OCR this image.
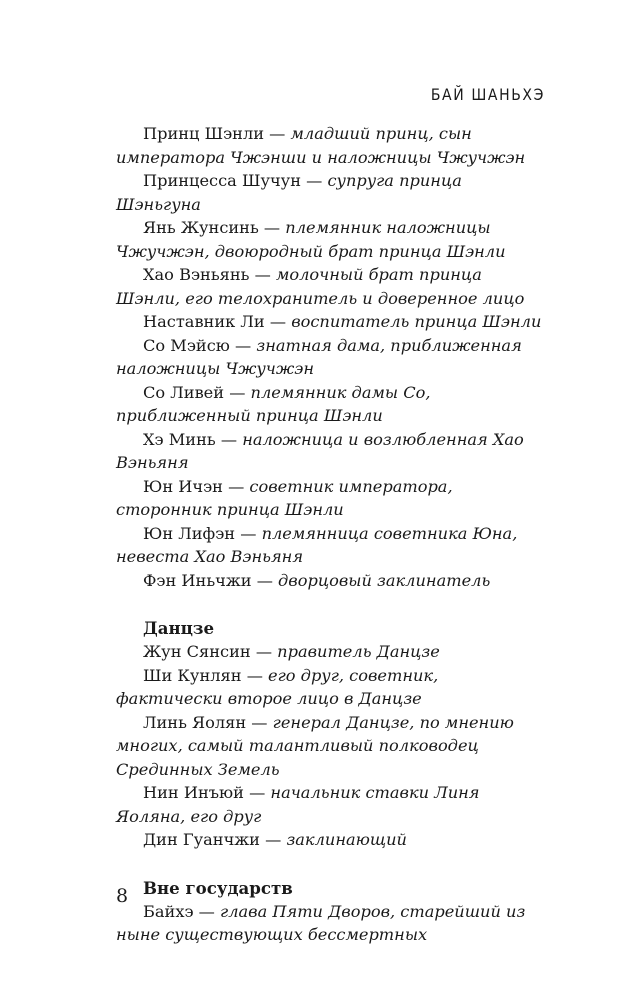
БАЙ ШАНЬХЭ

Принц Шэнли — младший принц, сын императора Чжэнши и наложницы Чжучжэн

Принцесса Шучун — супруга принца Шэньгуна

Янь Жунсинь — племянник наложницы Чжучжэн, двоюродный брат принца Шэнли

Хао Вэньянь — молочный брат принца Шэнли, его телохранитель и доверенное лицо

Наставник Ли — воспитатель принца Шэнли

Со Мэйсю — знатная дама, приближенная наложницы Чжучжэн

Со Ливей — племянник дамы Со, приближенный принца Шэнли

Хэ Минь — наложница и возлюбленная Хао Вэньяня

Юн Ичэн — советник императора, сторонник принца Шэнли

Юн Лифэн — племянница советника Юна, невеста Хао Вэньяня

Фэн Иньчжи — дворцовый заклинатель

Данцзе

Жун Сянсин — правитель Данцзе

Ши Кунлян — его друг, советник, фактически второе лицо в Данцзе

Линь Яолян — генерал Данцзе, по мнению многих, самый талантливый полководец Срединных Земель

Нин Инъюй — начальник ставки Линя Яоляна, его друг

Дин Гуанчжи — заклинающий

Вне государств

Байхэ — глава Пяти Дворов, старейший из ныне существующих бессмертных

8
